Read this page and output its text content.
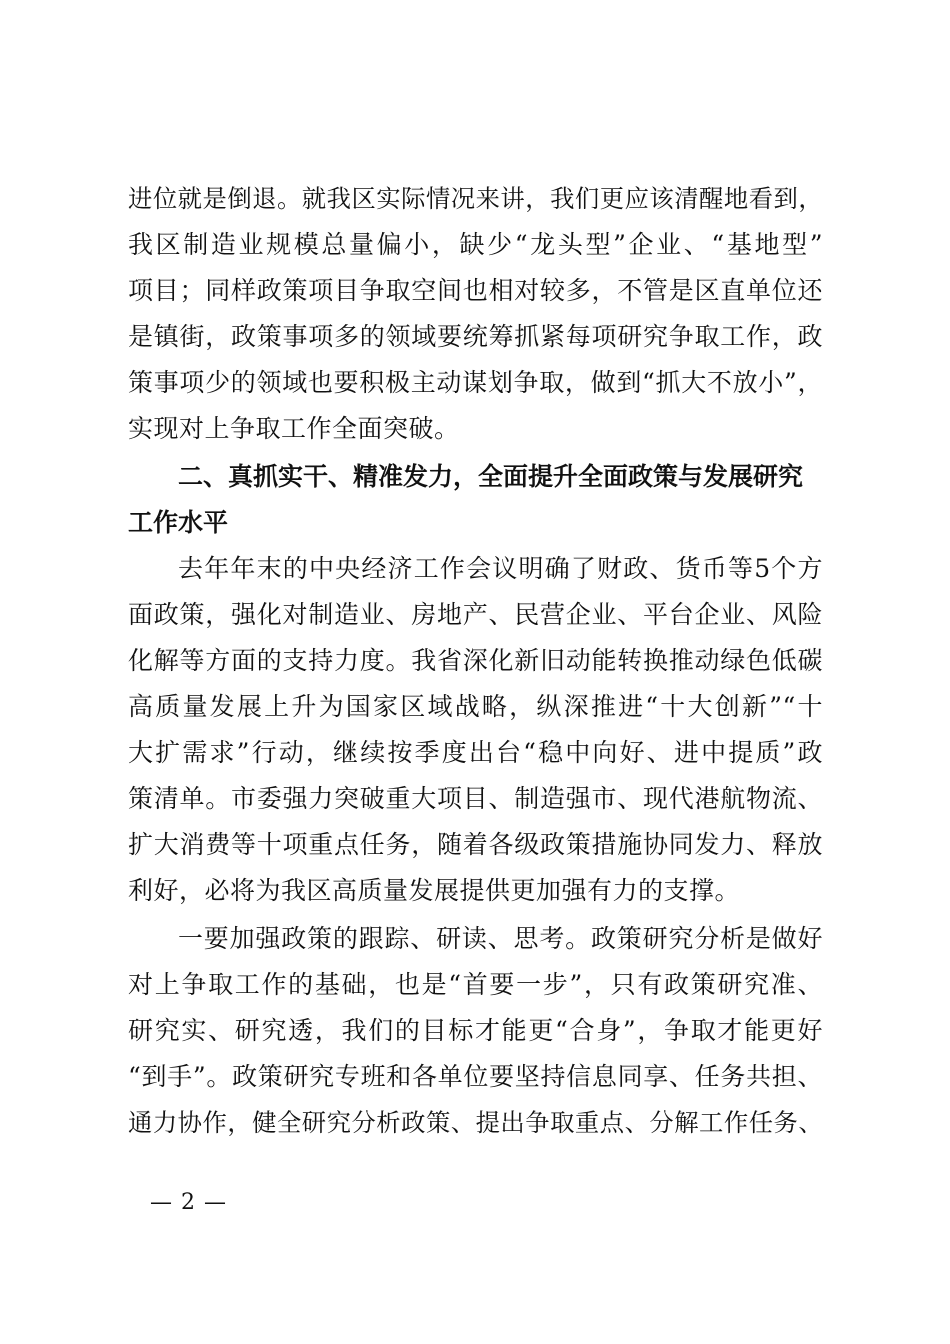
进位就是倒退。就我区实际情况来讲，我们更应该清醒地看到，
我区制造业规模总量偏小，缺少“龙头型”企业、“基地型”
项目；同样政策项目争取空间也相对较多，不管是区直单位还
是镇街，政策事项多的领域要统筹抓紧每项研究争取工作，政
策事项少的领域也要积极主动谋划争取，做到“抓大不放小”，
实现对上争取工作全面突破。
二、真抓实干、精准发力，全面提升全面政策与发展研究
工作水平
去年年末的中央经济工作会议明确了财政、货币等5个方
面政策，强化对制造业、房地产、民营企业、平台企业、风险
化解等方面的支持力度。我省深化新旧动能转换推动绿色低碳
高质量发展上升为国家区域战略，纵深推进“十大创新”“十
大扩需求”行动，继续按季度出台“稳中向好、进中提质”政
策清单。市委强力突破重大项目、制造强市、现代港航物流、
扩大消费等十项重点任务，随着各级政策措施协同发力、释放
利好，必将为我区高质量发展提供更加强有力的支撑。
一要加强政策的跟踪、研读、思考。政策研究分析是做好
对上争取工作的基础，也是“首要一步”，只有政策研究准、
研究实、研究透，我们的目标才能更“合身”，争取才能更好
“到手”。政策研究专班和各单位要坚持信息同享、任务共担、
通力协作，健全研究分析政策、提出争取重点、分解工作任务、
— 2 —
